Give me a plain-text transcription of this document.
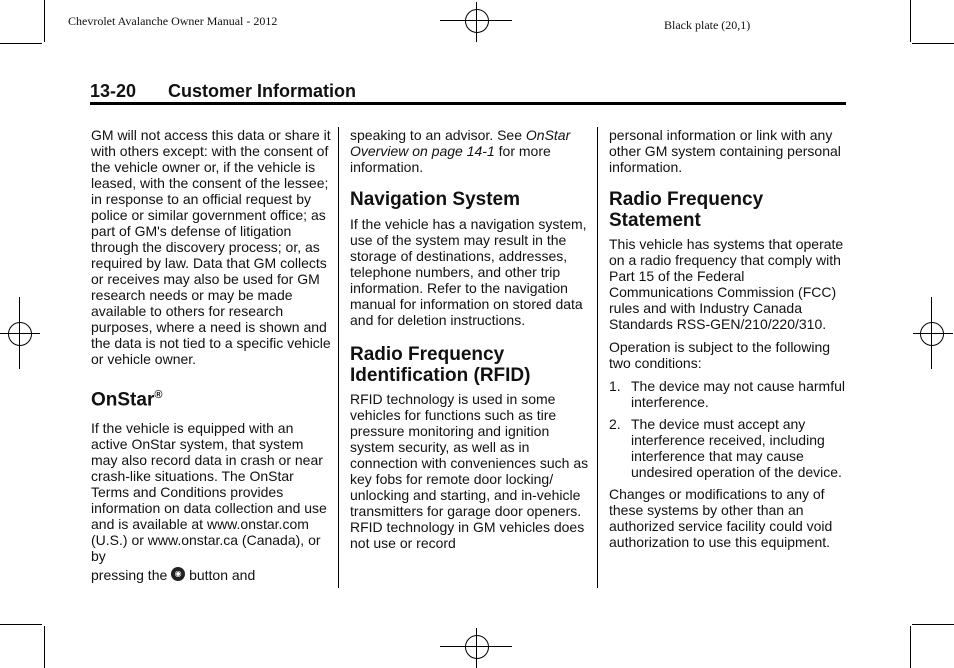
Chevrolet Avalanche Owner Manual - 2012	Black plate (20,1)
13-20 Customer Information

GM will not access this data or share it with others except: with the consent of the vehicle owner or, if the vehicle is leased, with the consent of the lessee; in response to an official request by police or similar government office; as part of GM's defense of litigation through the discovery process; or, as required by law. Data that GM collects or receives may also be used for GM research needs or may be made available to others for research purposes, where a need is shown and the data is not tied to a specific vehicle or vehicle owner.

OnStar®

If the vehicle is equipped with an active OnStar system, that system may also record data in crash or near crash-like situations. The OnStar Terms and Conditions provides information on data collection and use and is available at www.onstar.com (U.S.) or www.onstar.ca (Canada), or by

pressing the ◉ button and

speaking to an advisor. See OnStar Overview on page 14-1 for more information.

Navigation System

If the vehicle has a navigation system, use of the system may result in the storage of destinations, addresses, telephone numbers, and other trip information. Refer to the navigation manual for information on stored data and for deletion instructions.

Radio Frequency Identification (RFID)

RFID technology is used in some vehicles for functions such as tire pressure monitoring and ignition system security, as well as in connection with conveniences such as key fobs for remote door locking/ unlocking and starting, and in-vehicle transmitters for garage door openers. RFID technology in GM vehicles does not use or record

personal information or link with any other GM system containing personal information.

Radio Frequency Statement

This vehicle has systems that operate on a radio frequency that comply with Part 15 of the Federal Communications Commission (FCC) rules and with Industry Canada Standards RSS-GEN/210/220/310.

Operation is subject to the following two conditions:

1. The device may not cause harmful interference.
2. The device must accept any interference received, including interference that may cause undesired operation of the device.

Changes or modifications to any of these systems by other than an authorized service facility could void authorization to use this equipment.
